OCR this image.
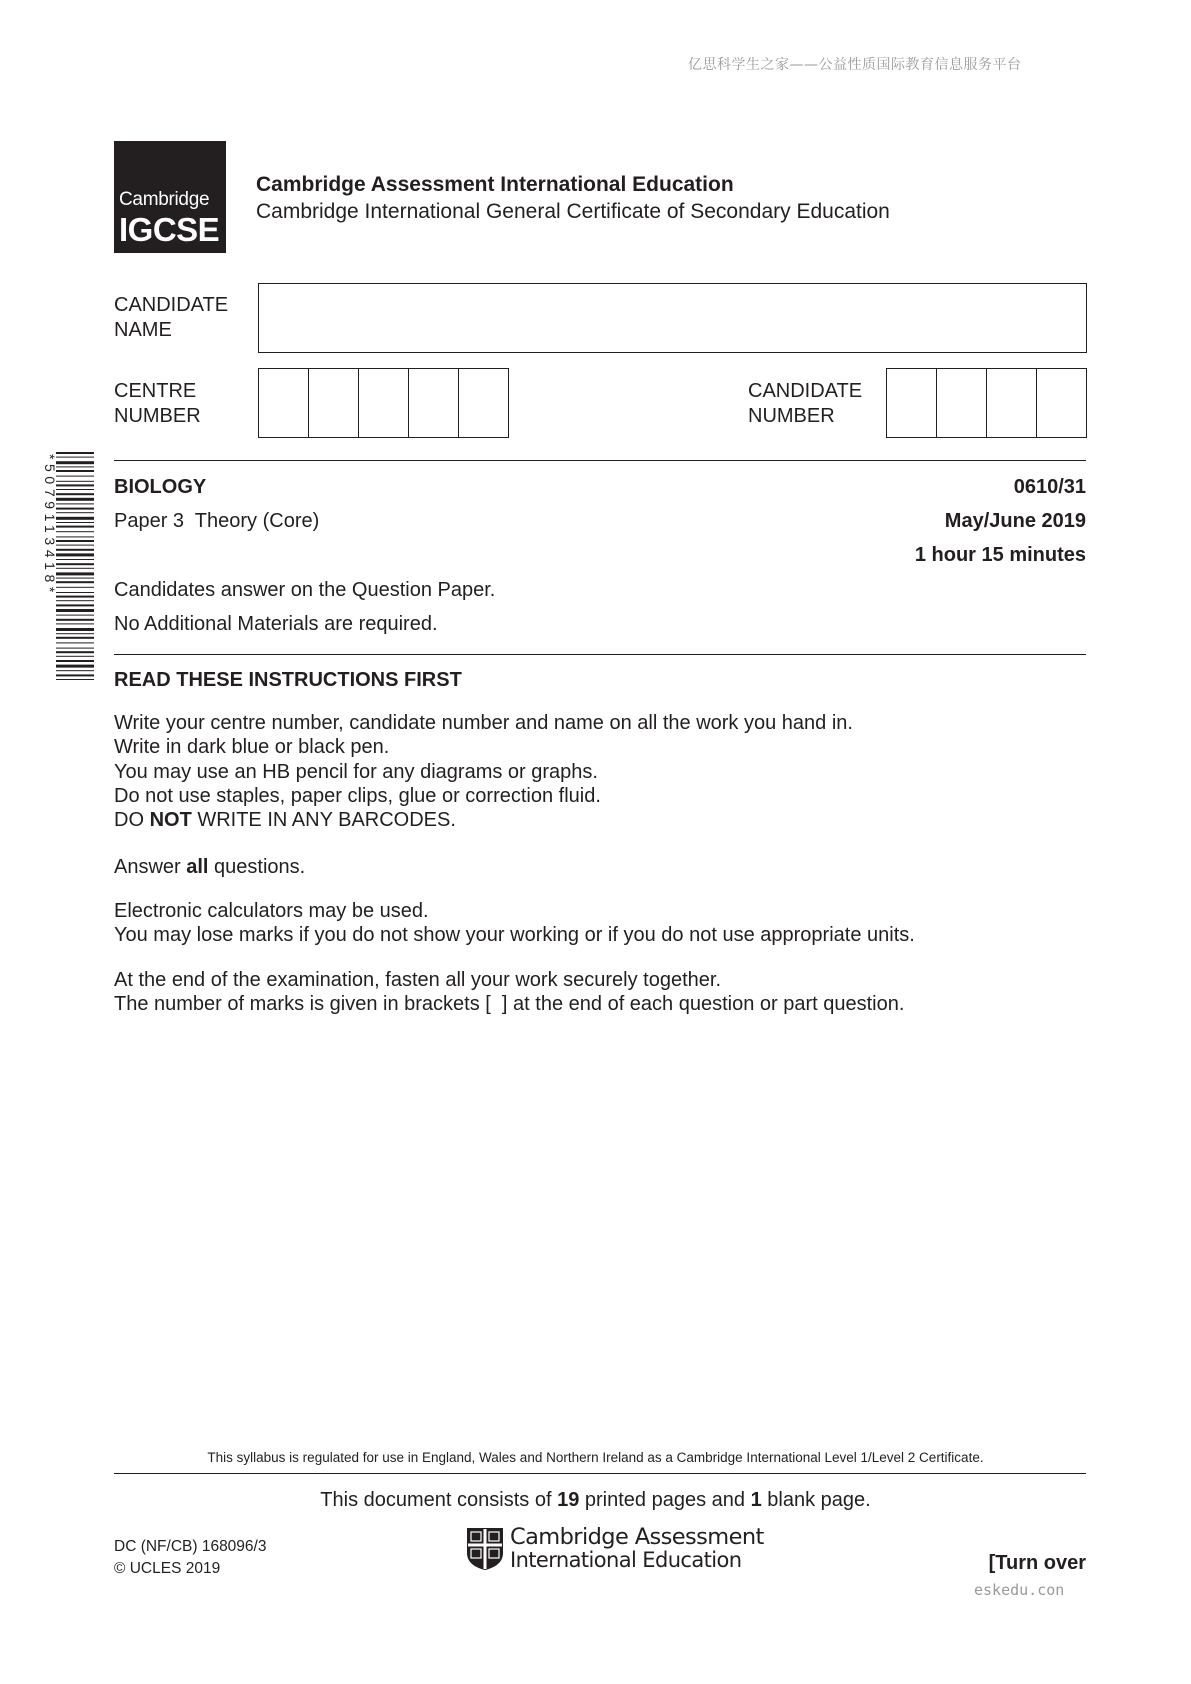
亿思科学生之家——公益性质国际教育信息服务平台
Cambridge
IGCSE
Cambridge Assessment International Education
Cambridge International General Certificate of Secondary Education
CANDIDATE
NAME
CENTRE
NUMBER
CANDIDATE
NUMBER
*5079113418*	BIOLOGY
Paper 3  Theory (Core)
0610/31
May/June 2019
1 hour 15 minutes
Candidates answer on the Question Paper.
No Additional Materials are required.
READ THESE INSTRUCTIONS FIRST
Write your centre number, candidate number and name on all the work you hand in.
Write in dark blue or black pen.
You may use an HB pencil for any diagrams or graphs.
Do not use staples, paper clips, glue or correction fluid.
DO NOT WRITE IN ANY BARCODES.
Answer all questions.
Electronic calculators may be used.
You may lose marks if you do not show your working or if you do not use appropriate units.
At the end of the examination, fasten all your work securely together.
The number of marks is given in brackets [  ] at the end of each question or part question.
This syllabus is regulated for use in England, Wales and Northern Ireland as a Cambridge International Level 1/Level 2 Certificate.
This document consists of 19 printed pages and 1 blank page.
DC (NF/CB) 168096/3
© UCLES 2019
Cambridge Assessment
International Education	[Turn over
eskedu.con
